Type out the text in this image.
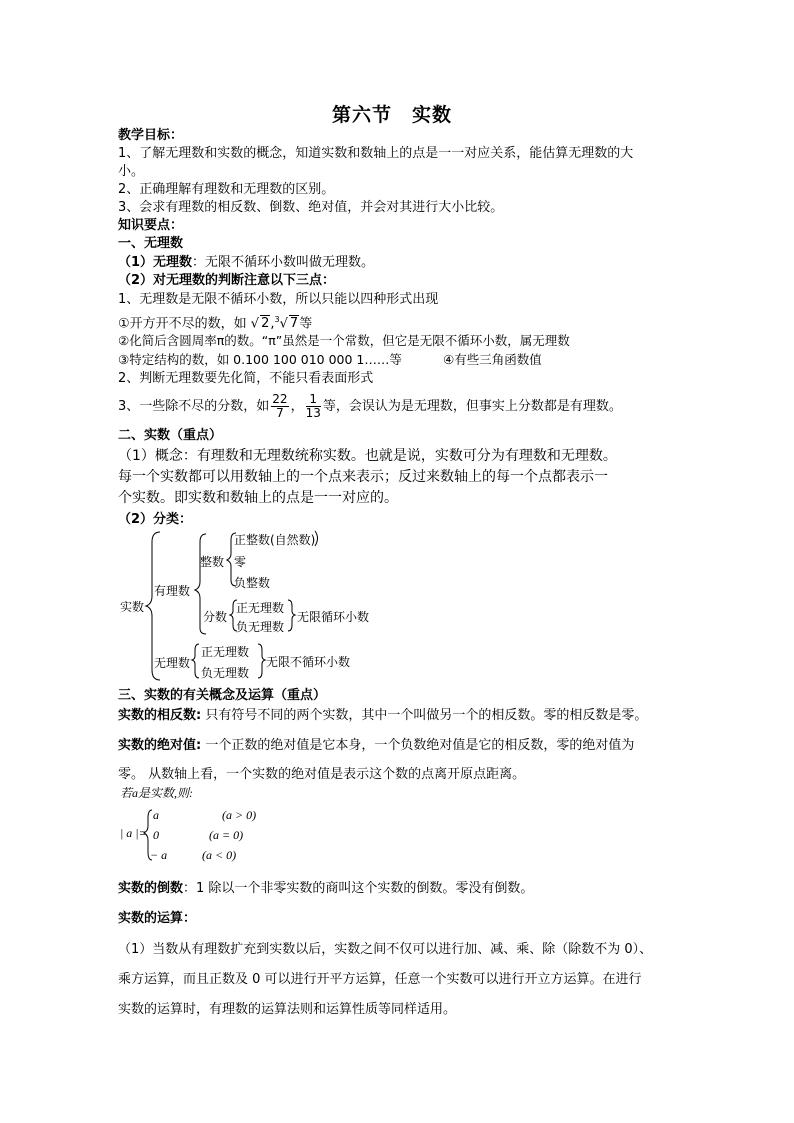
第六节　实数
教学目标：
1、了解无理数和实数的概念，知道实数和数轴上的点是一一对应关系，能估算无理数的大
小。
2、正确理解有理数和无理数的区别。
3、会求有理数的相反数、倒数、绝对值，并会对其进行大小比较。
知识要点：
一、无理数
（1）无理数：无限不循环小数叫做无理数。
（2）对无理数的判断注意以下三点：
1、无理数是无限不循环小数，所以只能以四种形式出现
①开方开不尽的数，如 √ 2,$^3$√ 7等
②化简后含圆周率π的数。“π”虽然是一个常数，但它是无限不循环小数，属无理数
③特定结构的数，如 0.100 100 010 000 1……等	④有些三角函数值
2、判断无理数要先化简，不能只看表面形式
3、一些除不尽的分数，如 $\frac{22}{7}$ ， $\frac{1}{13}$ 等，会误认为是无理数，但事实上分数都是有理数。
二、实数（重点）
（1）概念：有理数和无理数统称实数。也就是说，实数可分为有理数和无理数。
每一个实数都可以用数轴上的一个点来表示；反过来数轴上的每一个点都表示一
个实数。即实数和数轴上的点是一一对应的。
（2）分类：
实数
有理数
整数
正整数(自然数)
零
负整数
分数
正无理数
负无理数
无限循环小数
无理数
正无理数
负无理数
无限不循环小数
三、实数的有关概念及运算（重点）
实数的相反数: 只有符号不同的两个实数，其中一个叫做另一个的相反数。零的相反数是零。
实数的绝对值: 一个正数的绝对值是它本身，一个负数绝对值是它的相反数，零的绝对值为
零。 从数轴上看，一个实数的绝对值是表示这个数的点离开原点距离。
若a是实数,则:
| a |=
a	(a > 0)
0	(a = 0)
− a	(a < 0)
实数的倒数：1 除以一个非零实数的商叫这个实数的倒数。零没有倒数。
实数的运算：
（1）当数从有理数扩充到实数以后，实数之间不仅可以进行加、减、乘、除（除数不为 0）、
乘方运算，而且正数及 0 可以进行开平方运算，任意一个实数可以进行开立方运算。在进行
实数的运算时，有理数的运算法则和运算性质等同样适用。
